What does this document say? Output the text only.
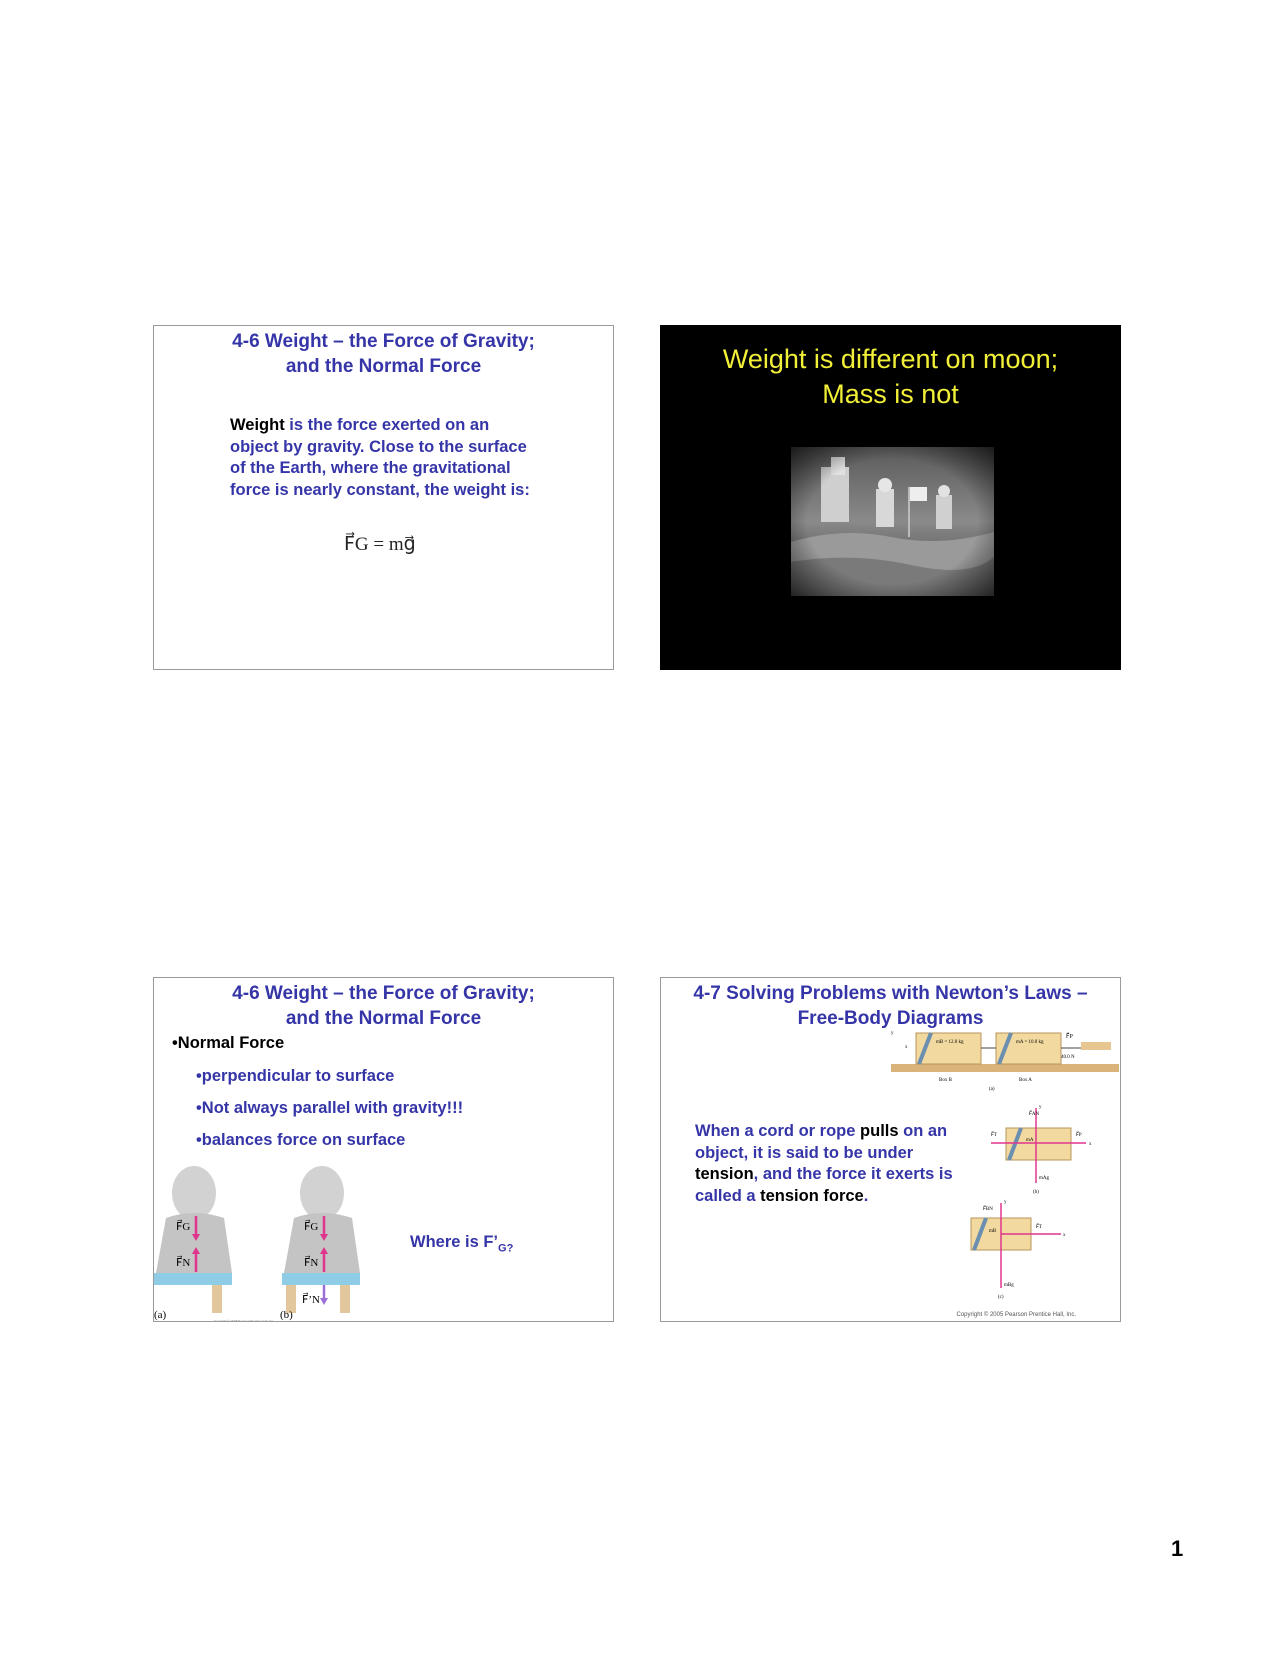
4-6 Weight – the Force of Gravity;
and the Normal Force
Weight is the force exerted on an object by gravity. Close to the surface of the Earth, where the gravitational force is nearly constant, the weight is:
F⃗G = mg⃗
Weight is different on moon;
Mass is not
4-6 Weight – the Force of Gravity;
and the Normal Force
•Normal Force
•perpendicular to surface
•Not always parallel with gravity!!!
•balances force on surface
Where is $F’_{G?}$
F⃗G
F⃗N
(a)
F⃗G
F⃗N
F⃗’N
(b)
Copyright © 2005 Pearson Prentice Hall, Inc.
4-7 Solving Problems with Newton’s Laws –
Free-Body Diagrams
When a cord or rope pulls on an object, it is said to be under tension, and the force it exerts is called a tension force.
mB = 12.0 kg	mA = 10.0 kg
40.0 N
F⃗P
Box B	Box A
(a)
y
x
F⃗AN
F⃗T	F⃗P
mA
mAg
(b)
y
x
F⃗BN
F⃗T
mB
mBg
(c)
y
x
Copyright © 2005 Pearson Prentice Hall, Inc.
1
